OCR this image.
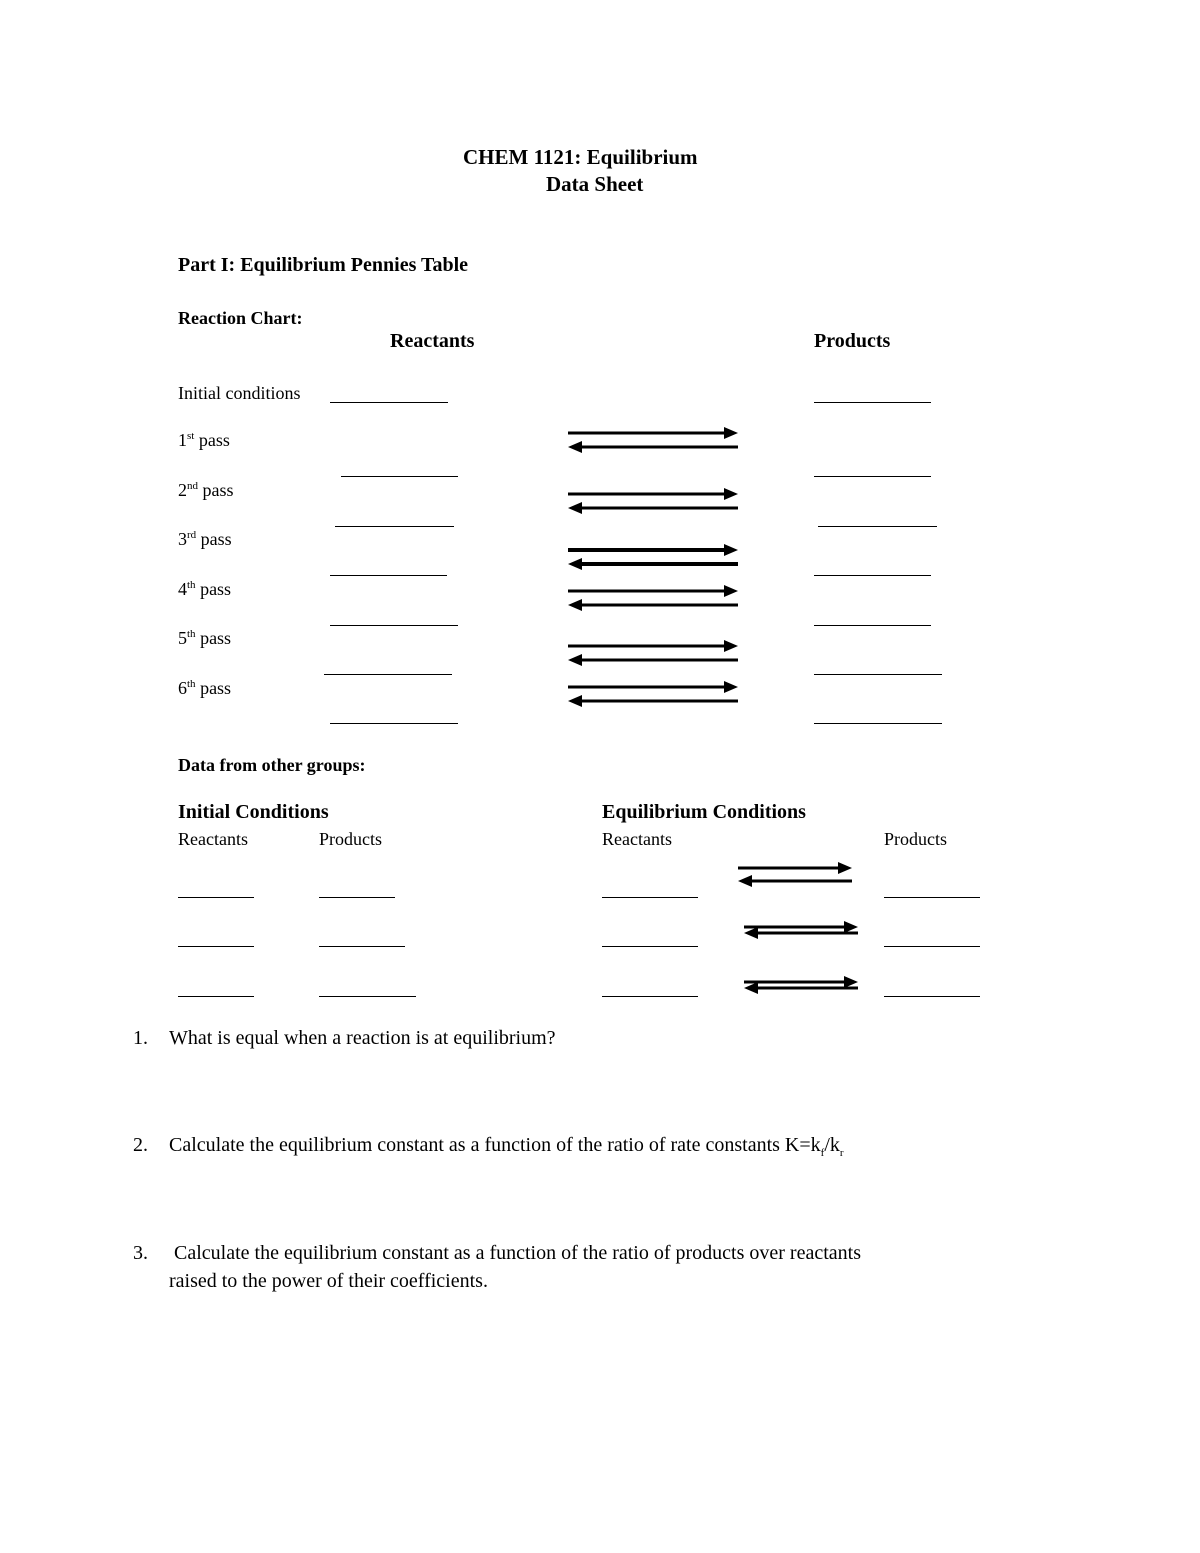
CHEM 1121: Equilibrium
Data Sheet
Part I: Equilibrium Pennies Table
Reaction Chart:
Reactants	Products
Initial conditions
1st pass
2nd pass
3rd pass
4th pass
5th pass
6th pass
Data from other groups:
Initial Conditions	Equilibrium Conditions
Reactants	Products	Reactants	Products
1. What is equal when a reaction is at equilibrium?
2. Calculate the equilibrium constant as a function of the ratio of rate constants $K=k_f/k_r$
3. Calculate the equilibrium constant as a function of the ratio of products over reactants
raised to the power of their coefficients.
